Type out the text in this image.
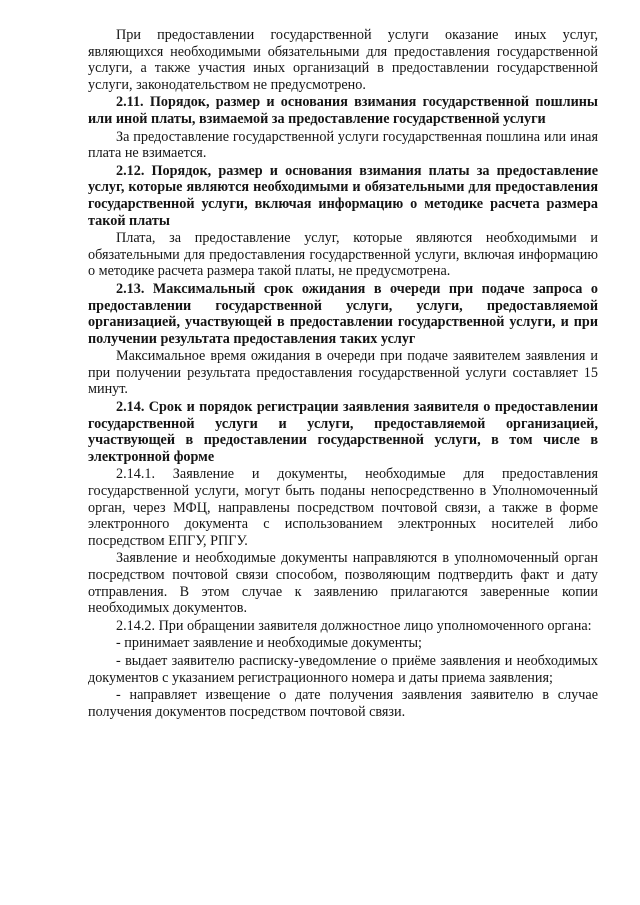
При предоставлении государственной услуги оказание иных услуг, являющихся необходимыми обязательными для предоставления государственной услуги, а также участия иных организаций в предоставлении государственной услуги, законодательством не предусмотрено.

2.11. Порядок, размер и основания взимания государственной пошлины или иной платы, взимаемой за предоставление государственной услуги

За предоставление государственной услуги государственная пошлина или иная плата не взимается.

2.12. Порядок, размер и основания взимания платы за предоставление услуг, которые являются необходимыми и обязательными для предоставления государственной услуги, включая информацию о методике расчета размера такой платы

Плата, за предоставление услуг, которые являются необходимыми и обязательными для предоставления государственной услуги, включая информацию о методике расчета размера такой платы, не предусмотрена.

2.13. Максимальный срок ожидания в очереди при подаче запроса о предоставлении государственной услуги, услуги, предоставляемой организацией, участвующей в предоставлении государственной услуги, и при получении результата предоставления таких услуг

Максимальное время ожидания в очереди при подаче заявителем заявления и при получении результата предоставления государственной услуги составляет 15 минут.

2.14. Срок и порядок регистрации заявления заявителя о предоставлении государственной услуги и услуги, предоставляемой организацией, участвующей в предоставлении государственной услуги, в том числе в электронной форме

2.14.1. Заявление и документы, необходимые для предоставления государственной услуги, могут быть поданы непосредственно в Уполномоченный орган, через МФЦ, направлены посредством почтовой связи, а также в форме электронного документа с использованием электронных носителей либо посредством ЕПГУ, РПГУ.

Заявление и необходимые документы направляются в уполномоченный орган посредством почтовой связи способом, позволяющим подтвердить факт и дату отправления. В этом случае к заявлению прилагаются заверенные копии необходимых документов.

2.14.2. При обращении заявителя должностное лицо уполномоченного органа:

- принимает заявление и необходимые документы;

- выдает заявителю расписку-уведомление о приёме заявления и необходимых документов с указанием регистрационного номера и даты приема заявления;

- направляет извещение о дате получения заявления заявителю в случае получения документов посредством почтовой связи.
